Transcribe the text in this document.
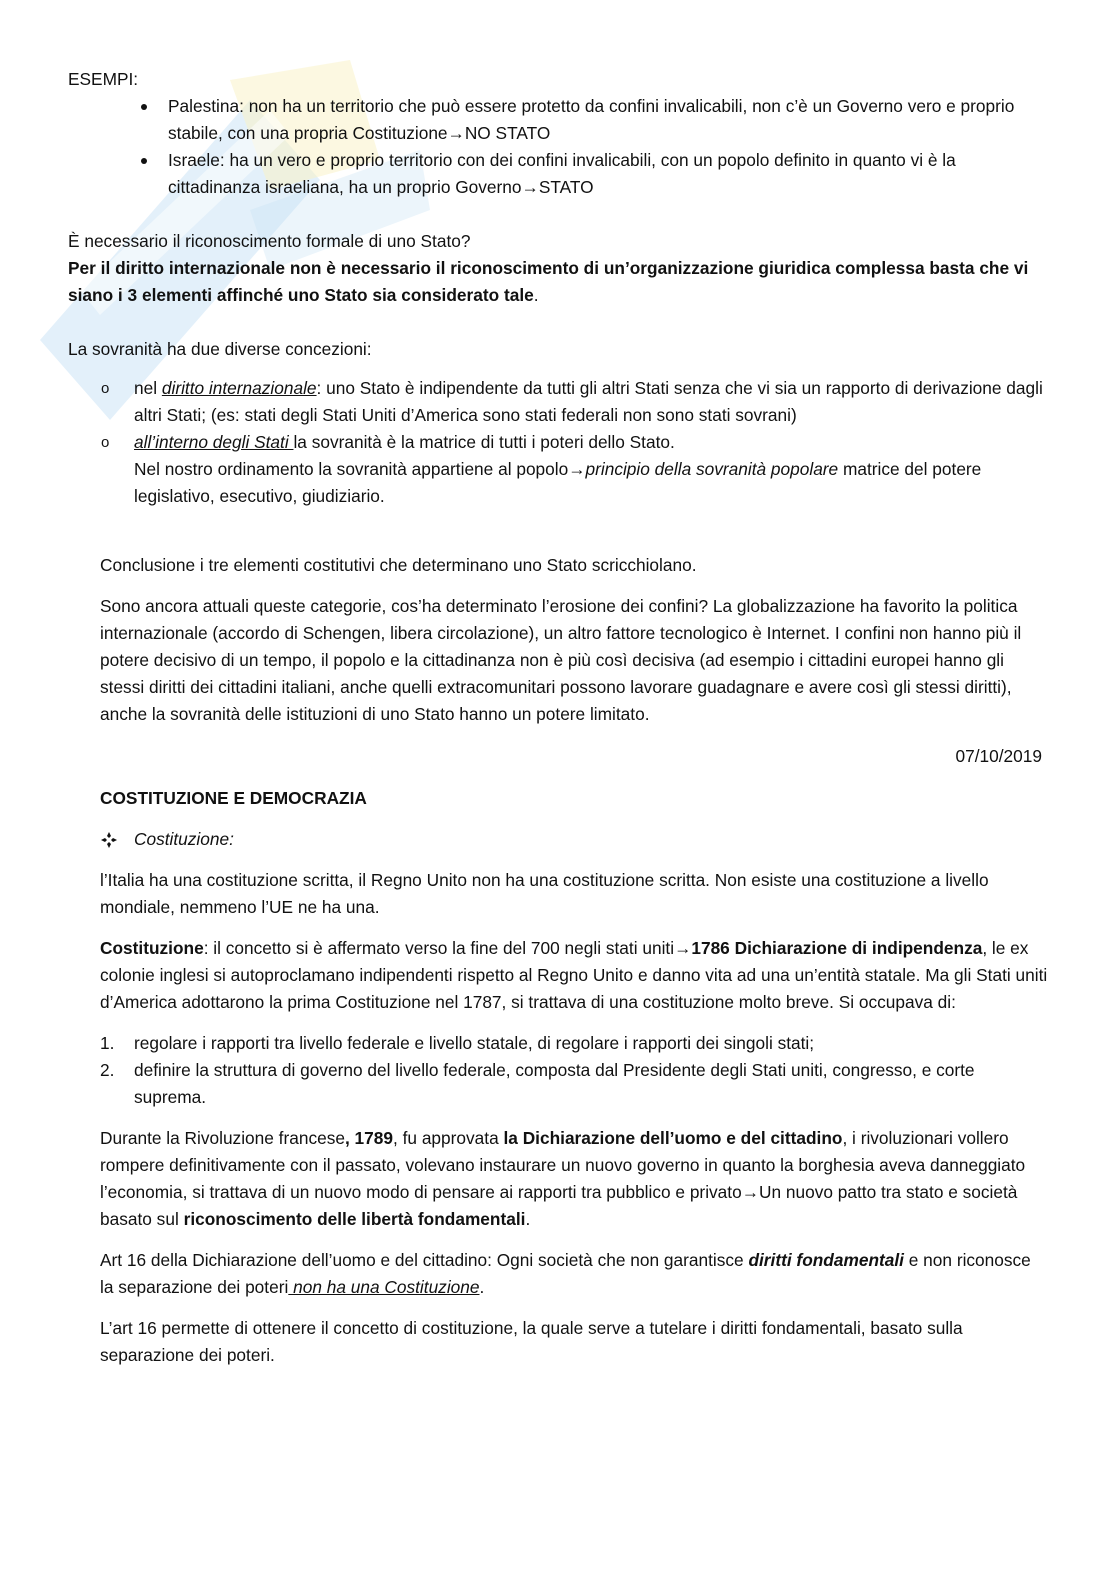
ESEMPI:

Palestina: non ha un territorio che può essere protetto da confini invalicabili, non c’è un Governo vero e proprio stabile, con una propria Costituzione→NO STATO
Israele: ha un vero e proprio territorio con dei confini invalicabili, con un popolo definito in quanto vi è la cittadinanza israeliana, ha un proprio Governo→STATO

È necessario il riconoscimento formale di uno Stato?

Per il diritto internazionale non è necessario il riconoscimento di un’organizzazione giuridica complessa basta che vi siano i 3 elementi affinché uno Stato sia considerato tale.

La sovranità ha due diverse concezioni:

o nel diritto internazionale: uno Stato è indipendente da tutti gli altri Stati senza che vi sia un rapporto di derivazione dagli altri Stati; (es: stati degli Stati Uniti d’America sono stati federali non sono stati sovrani)
o all’interno degli Stati la sovranità è la matrice di tutti i poteri dello Stato.
Nel nostro ordinamento la sovranità appartiene al popolo→principio della sovranità popolare matrice del potere legislativo, esecutivo, giudiziario.

Conclusione i tre elementi costitutivi che determinano uno Stato scricchiolano.

Sono ancora attuali queste categorie, cos’ha determinato l’erosione dei confini? La globalizzazione ha favorito la politica internazionale (accordo di Schengen, libera circolazione), un altro fattore tecnologico è Internet. I confini non hanno più il potere decisivo di un tempo, il popolo e la cittadinanza non è più così decisiva (ad esempio i cittadini europei hanno gli stessi diritti dei cittadini italiani, anche quelli extracomunitari possono lavorare guadagnare e avere così gli stessi diritti), anche la sovranità delle istituzioni di uno Stato hanno un potere limitato.

07/10/2019

COSTITUZIONE E DEMOCRAZIA

Costituzione:

l’Italia ha una costituzione scritta, il Regno Unito non ha una costituzione scritta. Non esiste una costituzione a livello mondiale, nemmeno l’UE ne ha una.

Costituzione: il concetto si è affermato verso la fine del 700 negli stati uniti→1786 Dichiarazione di indipendenza, le ex colonie inglesi si autoproclamano indipendenti rispetto al Regno Unito e danno vita ad una un’entità statale. Ma gli Stati uniti d’America adottarono la prima Costituzione nel 1787, si trattava di una costituzione molto breve. Si occupava di:

1. regolare i rapporti tra livello federale e livello statale, di regolare i rapporti dei singoli stati;
2. definire la struttura di governo del livello federale, composta dal Presidente degli Stati uniti, congresso, e corte suprema.

Durante la Rivoluzione francese, 1789, fu approvata la Dichiarazione dell’uomo e del cittadino, i rivoluzionari vollero rompere definitivamente con il passato, volevano instaurare un nuovo governo in quanto la borghesia aveva danneggiato l’economia, si trattava di un nuovo modo di pensare ai rapporti tra pubblico e privato→Un nuovo patto tra stato e società basato sul riconoscimento delle libertà fondamentali.

Art 16 della Dichiarazione dell’uomo e del cittadino: Ogni società che non garantisce diritti fondamentali e non riconosce la separazione dei poteri non ha una Costituzione.

L’art 16 permette di ottenere il concetto di costituzione, la quale serve a tutelare i diritti fondamentali, basato sulla separazione dei poteri.
